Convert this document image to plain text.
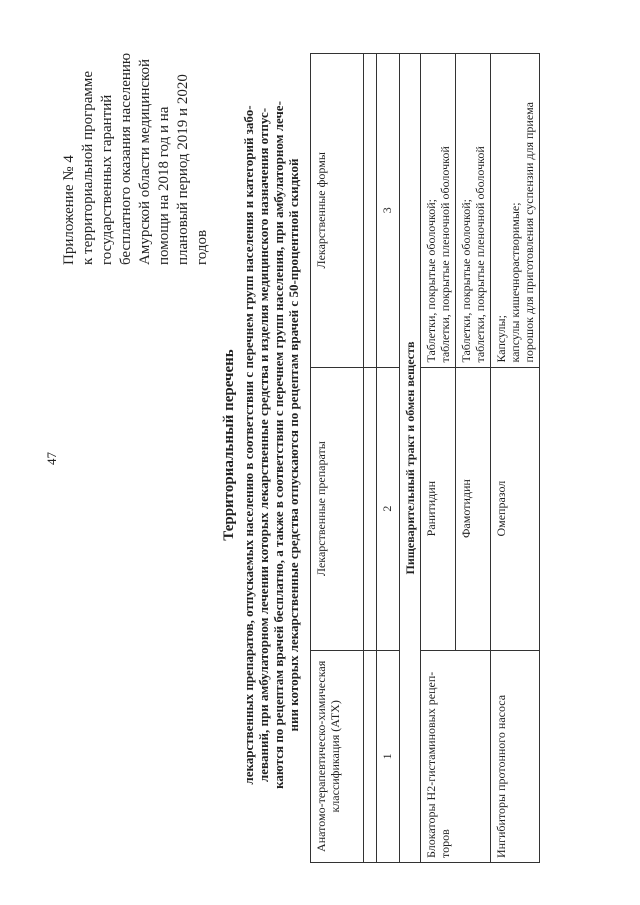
47
Приложение № 4 к территориальной программе государственных гарантий бесплатного оказания населению Амурской области медицинской помощи на 2018 год и на плановый период 2019 и 2020 годов
Территориальный перечень лекарственных препаратов, отпускаемых населению в соответствии с перечнем групп населения и категорий забо- леваний, при амбулаторном лечении которых лекарственные средства и изделия медицинского назначения отпус- каются по рецептам врачей бесплатно, а также в соответствии с перечнем групп населения, при амбулаторном лече- нии которых лекарственные средства отпускаются по рецептам врачей с 50-процентной скидкой
Анатомо-терапевтическо-химическая классификация (АТХ)	Лекарственные препараты	Лекарственные формы

1	2	3
Пищеварительный тракт и обмен веществ		
Блокаторы Н2-гистаминовых рецеп-торов	Ранитидин	Таблетки, покрытые оболочкой; таблетки, покрытые пленочной оболочкой

	Фамотидин	Таблетки, покрытые оболочкой; таблетки, покрытые пленочной оболочкой

Ингибиторы протонного насоса	Омепразол	Капсулы; капсулы кишечнорастворимые; порошок для приготовления суспензии для приема
